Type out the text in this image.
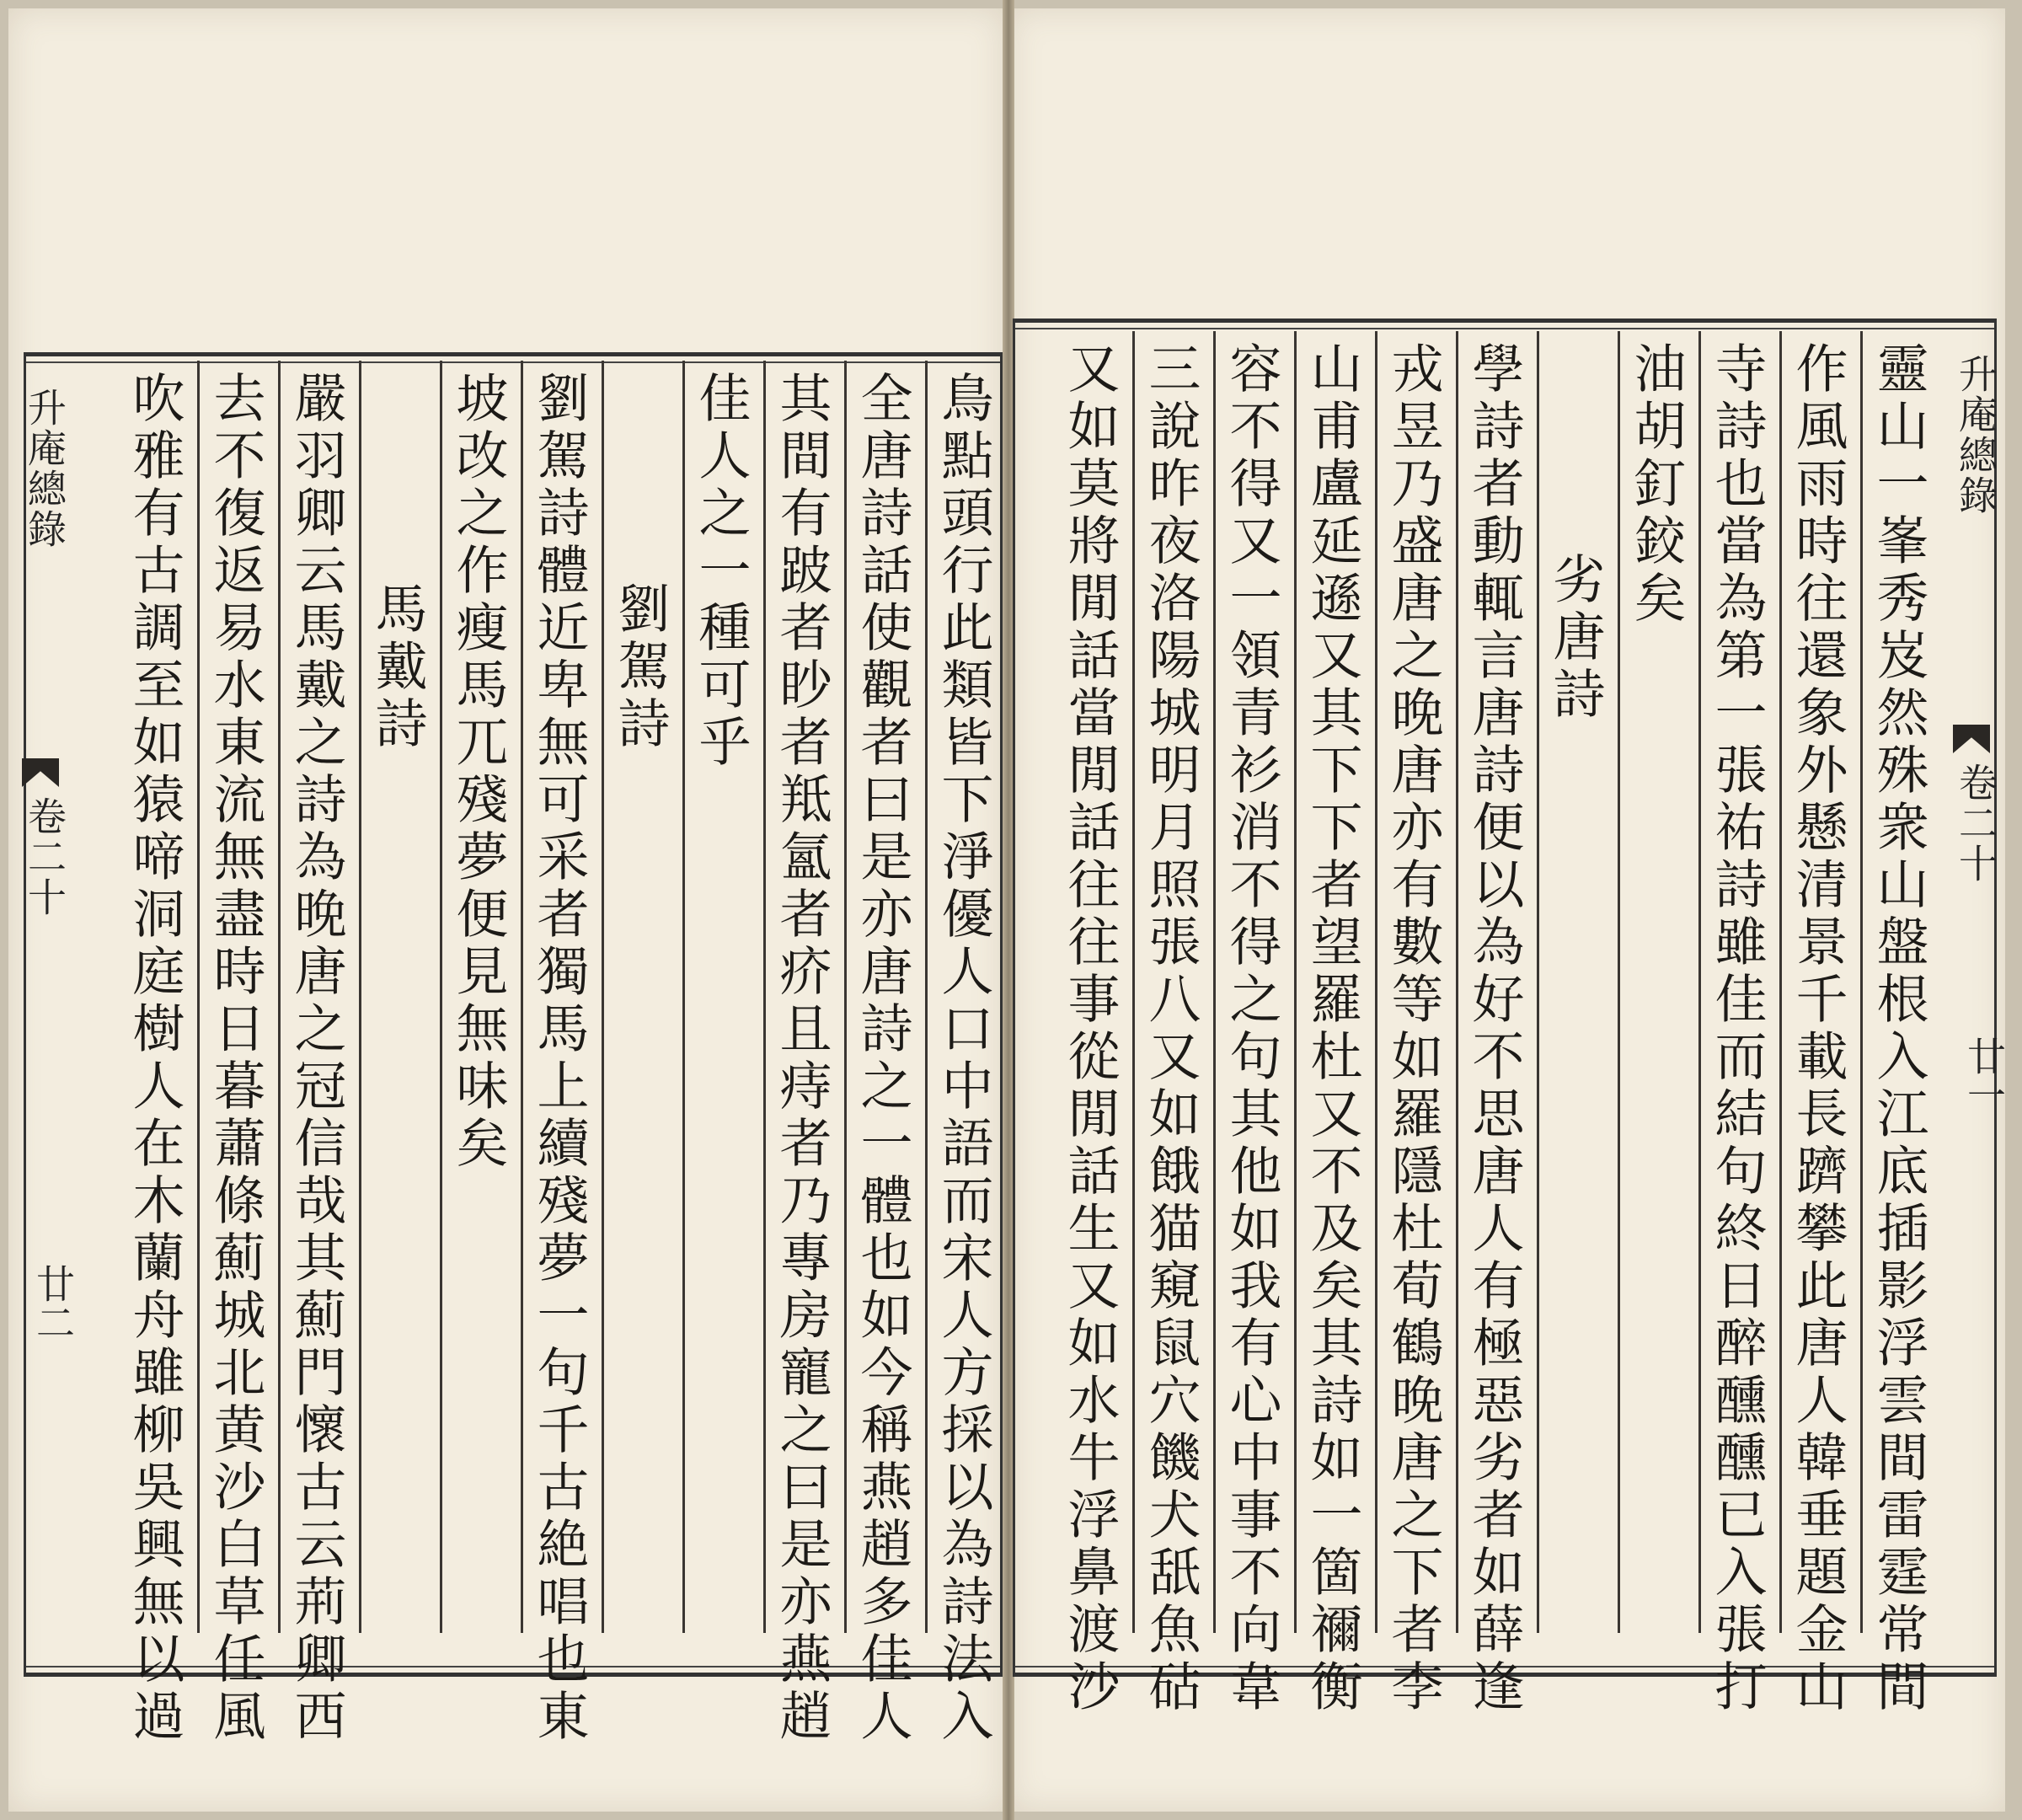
靈山一峯秀岌然殊衆山盤根入江底插影浮雲間雷霆常間
作風雨時往還象外懸清景千載長躋攀此唐人韓垂題金山
寺詩也當為第一張祐詩雖佳而結句終日醉醺醺已入張打
油胡釘鉸矣
劣唐詩
學詩者動輒言唐詩便以為好不思唐人有極惡劣者如薛逢
戎昱乃盛唐之晚唐亦有數等如羅隱杜荀鶴晚唐之下者李
山甫盧延遜又其下下者望羅杜又不及矣其詩如一箇禰衡
容不得又一領青衫消不得之句其他如我有心中事不向韋
三說昨夜洛陽城明月照張八又如餓猫窺鼠穴饑犬舐魚砧
又如莫將閒話當閒話往往事從閒話生又如水牛浮鼻渡沙	升庵總錄
卷二十
廿一
鳥點頭行此類皆下淨優人口中語而宋人方採以為詩法入
全唐詩話使觀者曰是亦唐詩之一體也如今稱燕趙多佳人
其間有跛者眇者羝氳者疥且痔者乃專房寵之曰是亦燕趙
佳人之一種可乎
劉駕詩
劉駕詩體近卑無可采者獨馬上續殘夢一句千古絶唱也東
坡改之作瘦馬兀殘夢便見無味矣
馬戴詩
嚴羽卿云馬戴之詩為晚唐之冠信哉其薊門懷古云荊卿西
去不復返易水東流無盡時日暮蕭條薊城北黄沙白草任風
吹雅有古調至如猿啼洞庭樹人在木蘭舟雖柳吳興無以過
升庵總錄
卷二十
廿二
